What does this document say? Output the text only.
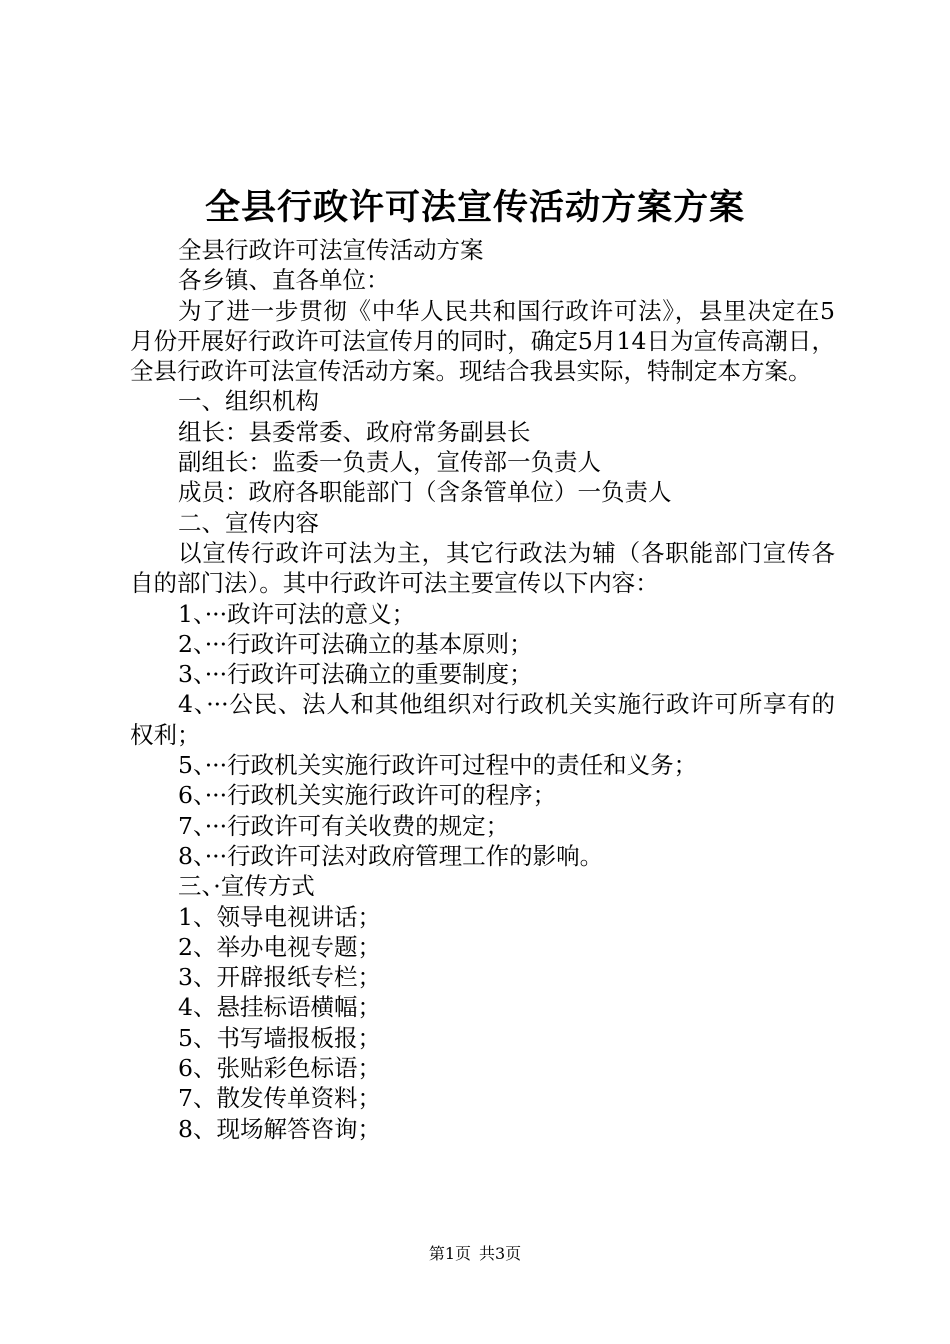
全县行政许可法宣传活动方案方案

全县行政许可法宣传活动方案

各乡镇、直各单位：

为了进一步贯彻《中华人民共和国行政许可法》，县里决定在5月份开展好行政许可法宣传月的同时，确定5月14日为宣传高潮日，全县行政许可法宣传活动方案。现结合我县实际，特制定本方案。

一、组织机构

组长：县委常委、政府常务副县长

副组长：监委一负责人，宣传部一负责人

成员：政府各职能部门（含条管单位）一负责人

二、宣传内容

以宣传行政许可法为主，其它行政法为辅（各职能部门宣传各自的部门法）。其中行政许可法主要宣传以下内容：

1、···政许可法的意义；

2、···行政许可法确立的基本原则；

3、···行政许可法确立的重要制度；

4、···公民、法人和其他组织对行政机关实施行政许可所享有的权利；

5、···行政机关实施行政许可过程中的责任和义务；

6、···行政机关实施行政许可的程序；

7、···行政许可有关收费的规定；

8、···行政许可法对政府管理工作的影响。

三、·宣传方式

1、领导电视讲话；

2、举办电视专题；

3、开辟报纸专栏；

4、悬挂标语横幅；

5、书写墙报板报；

6、张贴彩色标语；

7、散发传单资料；

8、现场解答咨询；

第1页 共3页
